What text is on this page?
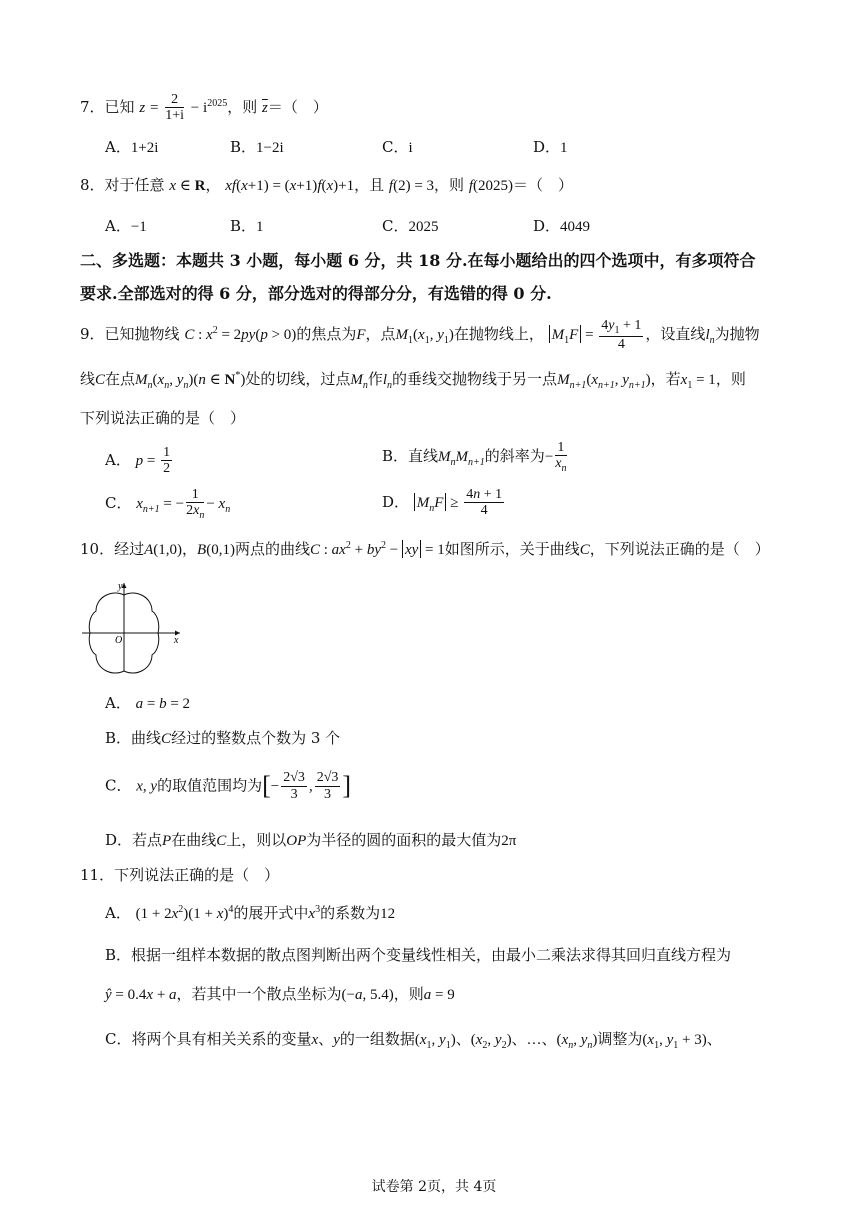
7．已知 $z = \frac{2}{1+i} - i^{2025}$，则 $\overline{z}=$（　）
A．1+2i	B．1−2i	C．i	D．1
8．对于任意 x ∈ R， xf(x+1) = (x+1)f(x)+1，且 f(2) = 3，则 f(2025)＝（　）
A．−1	B．1	C．2025	D．4049
二、多选题：本题共 3 小题，每小题 6 分，共 18 分.在每小题给出的四个选项中，有多项符合
要求.全部选对的得 6 分，部分选对的得部分分，有选错的得 0 分.
9．已知抛物线 C : $x^2 = 2py(p > 0)$的焦点为F，点$M_1(x_1$, $y_1$)在抛物线上， $M_1F = \frac{4y_1 + 1}{4}$ ，设直线$l_n$为抛物
线C在点$M_n(x_n$, $y_n)(n$ ∈ N*)处的切线，过点$M_n$作$l_n$的垂线交抛物线于另一点$M_{n+1}(x_{n+1}$, $y_{n+1}$)，若$x_1 = 1$，则
下列说法正确的是（　）
A． $p = \frac{1}{2}$	B．直线$M_nM_{n+1}$的斜率为− $\frac{1}{x_n}$
C． $x_{n+1}$ = − $\frac{1}{2x_n} - x_n$	D． $M_nF \ge \frac{4n + 1}{4}$
10．经过A(1,0)，B(0,1)两点的曲线C : $ax^2 + by^2$ − xy = 1如图所示，关于曲线C，下列说法正确的是（　）
y
x
O
A． a = b = 2
B．曲线C经过的整数点个数为 3 个
C． x, y的取值范围均为[− $\frac{2√3}{3}$ , $\frac{2√3}{3}$ ]
D．若点P在曲线C上，则以OP为半径的圆的面积的最大值为2π
11．下列说法正确的是（　）
A． $(1 + 2x^2)(1 + x)^4$的展开式中$x^3$的系数为12
B．根据一组样本数据的散点图判断出两个变量线性相关，由最小二乘法求得其回归直线方程为
ŷ = 0.4x + a，若其中一个散点坐标为(−a, 5.4)，则a = 9
C．将两个具有相关关系的变量x、y的一组数据($x_1$, $y_1$)、($x_2$, $y_2$)、…、($x_n$, $y_n$)调整为($x_1$, $y_1 + 3$)、
试卷第 2页，共 4页
